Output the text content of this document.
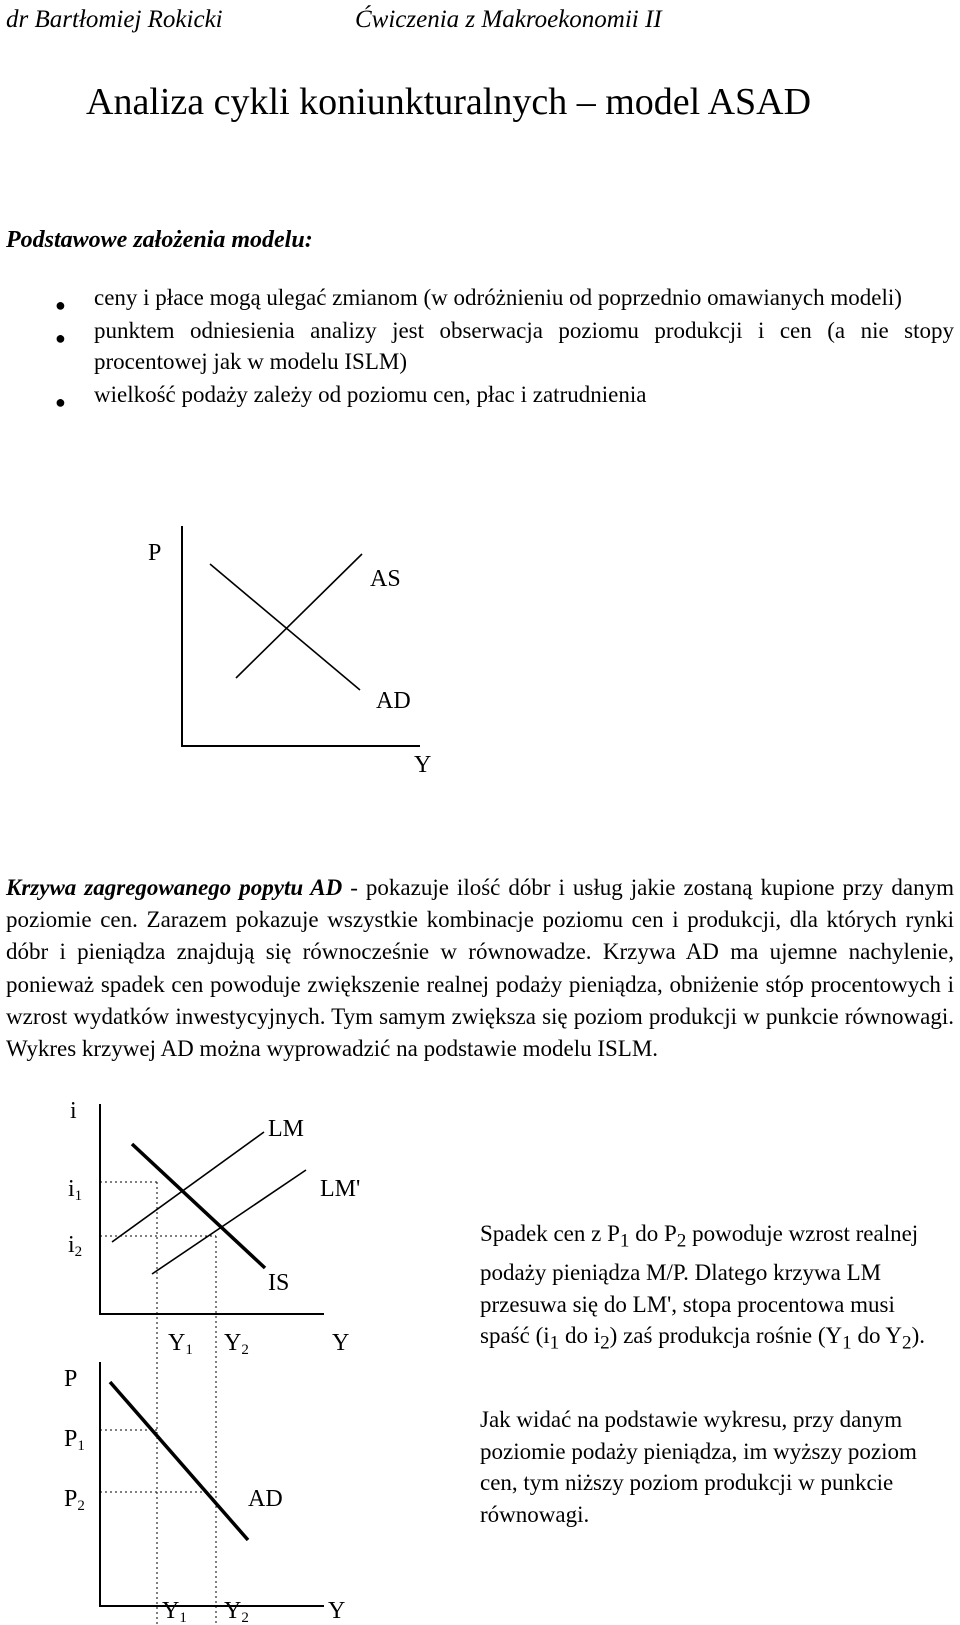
dr Bartłomiej Rokicki	Ćwiczenia z Makroekonomii II
Analiza cykli koniunkturalnych – model ASAD
Podstawowe założenia modelu:
● ceny i płace mogą ulegać zmianom (w odróżnieniu od poprzednio omawianych modeli)
● punktem odniesienia analizy jest obserwacja poziomu produkcji i cen (a nie stopy procentowej jak w modelu ISLM)
● wielkość podaży zależy od poziomu cen, płac i zatrudnienia
P
AS
AD
Y

Krzywa zagregowanego popytu AD - pokazuje ilość dóbr i usług jakie zostaną kupione przy danym poziomie cen. Zarazem pokazuje wszystkie kombinacje poziomu cen i produkcji, dla których rynki dóbr i pieniądza znajdują się równocześnie w równowadze. Krzywa AD ma ujemne nachylenie, ponieważ spadek cen powoduje zwiększenie realnej podaży pieniądza, obniżenie stóp procentowych i wzrost wydatków inwestycyjnych. Tym samym zwiększa się poziom produkcji w punkcie równowagi. Wykres krzywej AD można wyprowadzić na podstawie modelu ISLM.

i
i1
i2
LM
LM'
IS
Y1 Y2	Y
P
P1
P2	AD
Y1 Y2	Y

Spadek cen z $P_1$ do $P_2$ powoduje wzrost realnej podaży pieniądza M/P. Dlatego krzywa LM przesuwa się do LM', stopa procentowa musi spaść ($i_1$ do $i_2$) zaś produkcja rośnie ($Y_1$ do $Y_2$).

Jak widać na podstawie wykresu, przy danym poziomie podaży pieniądza, im wyższy poziom cen, tym niższy poziom produkcji w punkcie równowagi.
